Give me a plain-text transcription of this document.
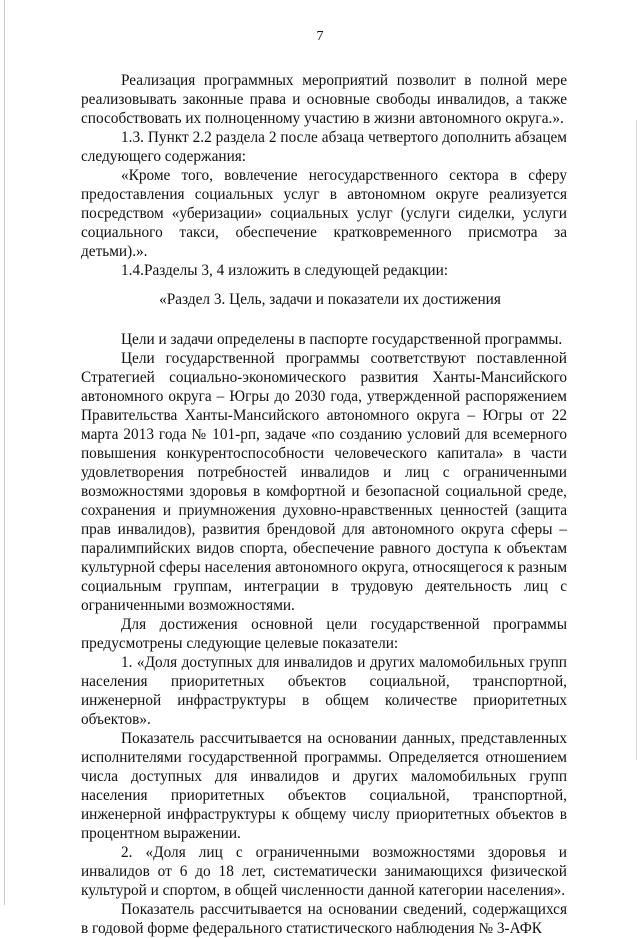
7

Реализация программных мероприятий позволит в полной мере реализовывать законные права и основные свободы инвалидов, а также способствовать их полноценному участию в жизни автономного округа.».

1.3. Пункт 2.2 раздела 2 после абзаца четвертого дополнить абзацем следующего содержания:

«Кроме того, вовлечение негосударственного сектора в сферу предоставления социальных услуг в автономном округе реализуется посредством «уберизации» социальных услуг (услуги сиделки, услуги социального такси, обеспечение кратковременного присмотра за детьми).».

1.4.Разделы 3, 4 изложить в следующей редакции:

«Раздел 3. Цель, задачи и показатели их достижения

Цели и задачи определены в паспорте государственной программы.

Цели государственной программы соответствуют поставленной Стратегией социально-экономического развития Ханты-Мансийского автономного округа – Югры до 2030 года, утвержденной распоряжением Правительства Ханты-Мансийского автономного округа – Югры от 22 марта 2013 года № 101-рп, задаче «по созданию условий для всемерного повышения конкурентоспособности человеческого капитала» в части удовлетворения потребностей инвалидов и лиц с ограниченными возможностями здоровья в комфортной и безопасной социальной среде, сохранения и приумножения духовно-нравственных ценностей (защита прав инвалидов), развития брендовой для автономного округа сферы – паралимпийских видов спорта, обеспечение равного доступа к объектам культурной сферы населения автономного округа, относящегося к разным социальным группам, интеграции в трудовую деятельность лиц с ограниченными возможностями.

Для достижения основной цели государственной программы предусмотрены следующие целевые показатели:

1. «Доля доступных для инвалидов и других маломобильных групп населения приоритетных объектов социальной, транспортной, инженерной инфраструктуры в общем количестве приоритетных объектов».

Показатель рассчитывается на основании данных, представленных исполнителями государственной программы. Определяется отношением числа доступных для инвалидов и других маломобильных групп населения приоритетных объектов социальной, транспортной, инженерной инфраструктуры к общему числу приоритетных объектов в процентном выражении.

2. «Доля лиц с ограниченными возможностями здоровья и инвалидов от 6 до 18 лет, систематически занимающихся физической культурой и спортом, в общей численности данной категории населения».

Показатель рассчитывается на основании сведений, содержащихся в годовой форме федерального статистического наблюдения № 3-АФК
